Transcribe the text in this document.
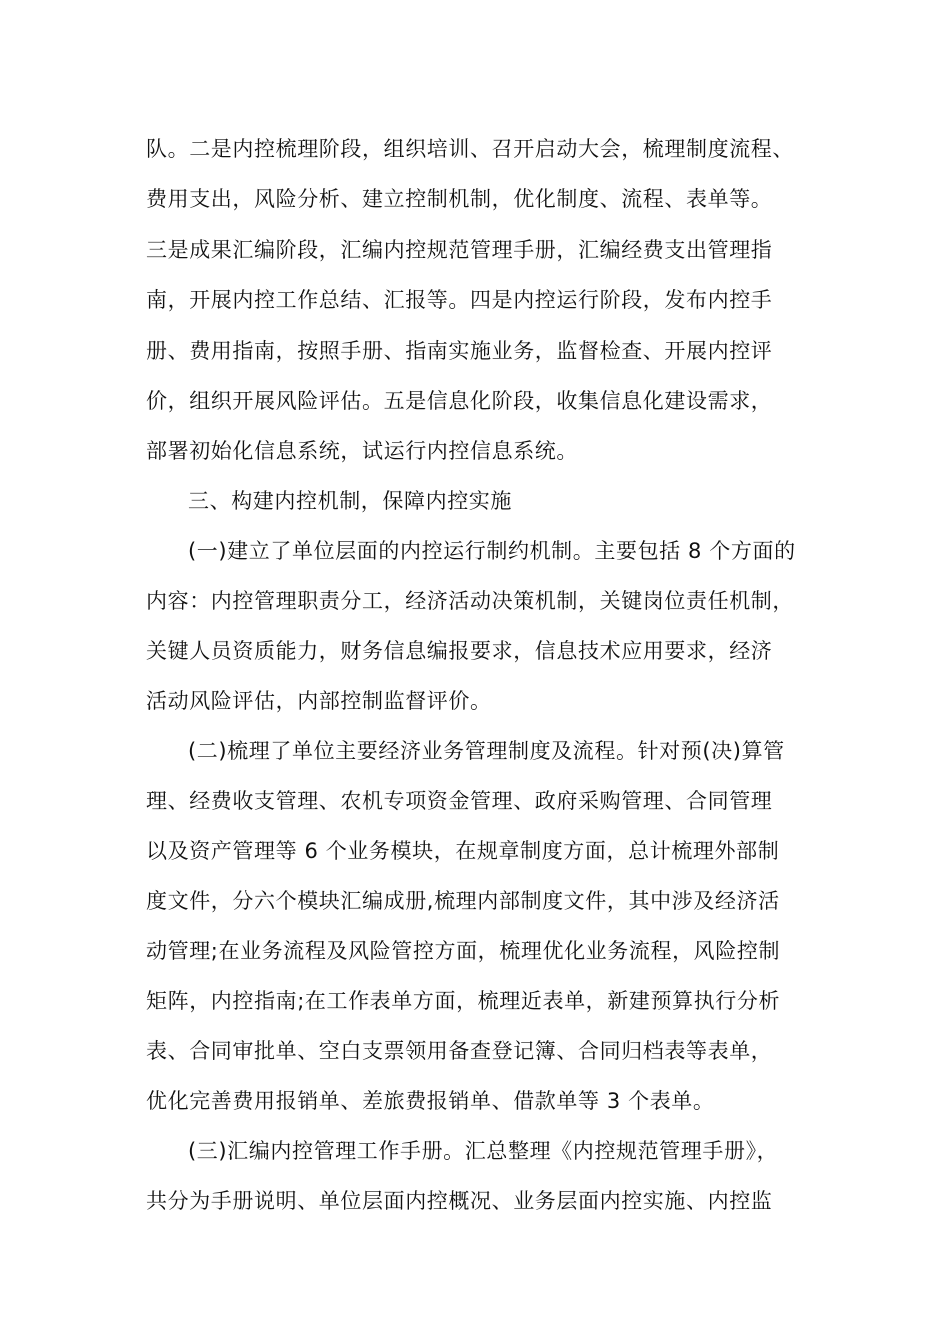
队。二是内控梳理阶段，组织培训、召开启动大会，梳理制度流程、
费用支出，风险分析、建立控制机制，优化制度、流程、表单等。
三是成果汇编阶段，汇编内控规范管理手册，汇编经费支出管理指
南，开展内控工作总结、汇报等。四是内控运行阶段，发布内控手
册、费用指南，按照手册、指南实施业务，监督检查、开展内控评
价，组织开展风险评估。五是信息化阶段，收集信息化建设需求，
部署初始化信息系统，试运行内控信息系统。
三、构建内控机制，保障内控实施
(一)建立了单位层面的内控运行制约机制。主要包括 8 个方面的
内容：内控管理职责分工，经济活动决策机制，关键岗位责任机制，
关键人员资质能力，财务信息编报要求，信息技术应用要求，经济
活动风险评估，内部控制监督评价。
(二)梳理了单位主要经济业务管理制度及流程。针对预(决)算管
理、经费收支管理、农机专项资金管理、政府采购管理、合同管理
以及资产管理等 6 个业务模块，在规章制度方面，总计梳理外部制
度文件，分六个模块汇编成册,梳理内部制度文件，其中涉及经济活
动管理;在业务流程及风险管控方面，梳理优化业务流程，风险控制
矩阵，内控指南;在工作表单方面，梳理近表单，新建预算执行分析
表、合同审批单、空白支票领用备查登记簿、合同归档表等表单，
优化完善费用报销单、差旅费报销单、借款单等 3 个表单。
(三)汇编内控管理工作手册。汇总整理《内控规范管理手册》，
共分为手册说明、单位层面内控概况、业务层面内控实施、内控监
